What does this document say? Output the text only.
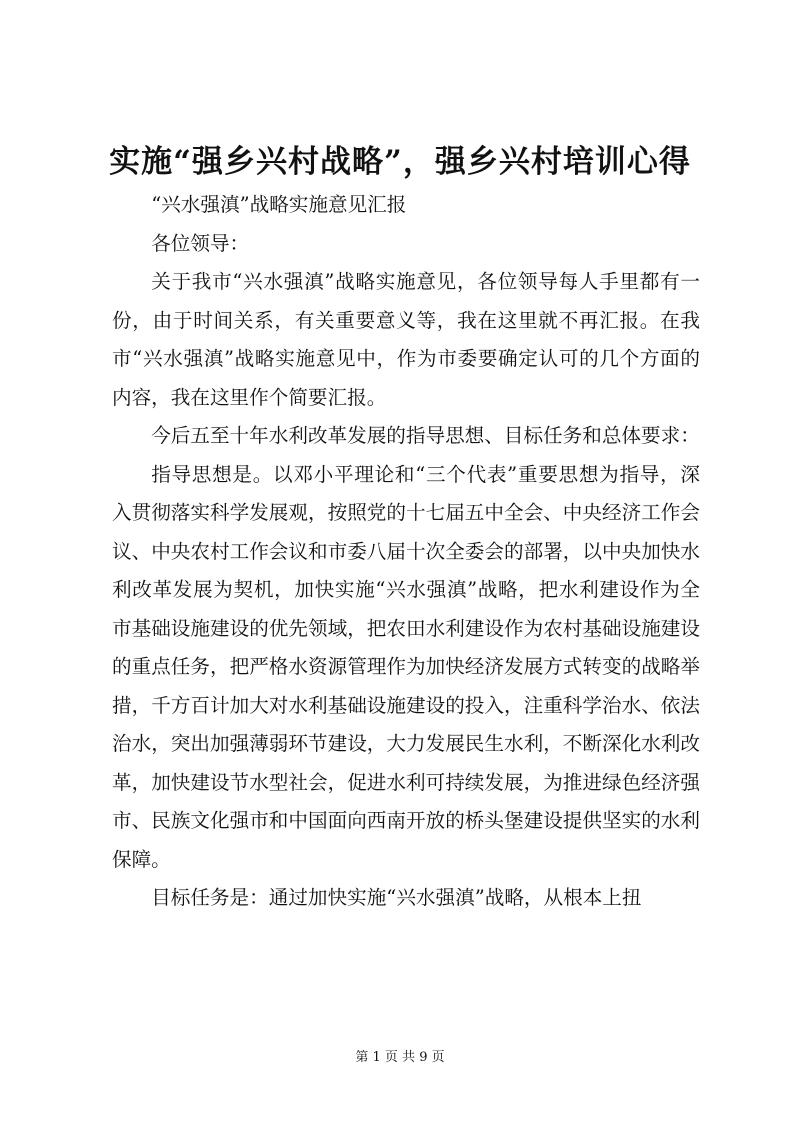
实施“强乡兴村战略”，强乡兴村培训心得

“兴水强滇”战略实施意见汇报

各位领导：

关于我市“兴水强滇”战略实施意见，各位领导每人手里都有一份，由于时间关系，有关重要意义等，我在这里就不再汇报。在我市“兴水强滇”战略实施意见中，作为市委要确定认可的几个方面的内容，我在这里作个简要汇报。

今后五至十年水利改革发展的指导思想、目标任务和总体要求：

指导思想是。以邓小平理论和“三个代表”重要思想为指导，深入贯彻落实科学发展观，按照党的十七届五中全会、中央经济工作会议、中央农村工作会议和市委八届十次全委会的部署，以中央加快水利改革发展为契机，加快实施“兴水强滇”战略，把水利建设作为全市基础设施建设的优先领域，把农田水利建设作为农村基础设施建设的重点任务，把严格水资源管理作为加快经济发展方式转变的战略举措，千方百计加大对水利基础设施建设的投入，注重科学治水、依法治水，突出加强薄弱环节建设，大力发展民生水利，不断深化水利改革，加快建设节水型社会，促进水利可持续发展，为推进绿色经济强市、民族文化强市和中国面向西南开放的桥头堡建设提供坚实的水利保障。

目标任务是：通过加快实施“兴水强滇”战略，从根本上扭

第 1 页 共 9 页
